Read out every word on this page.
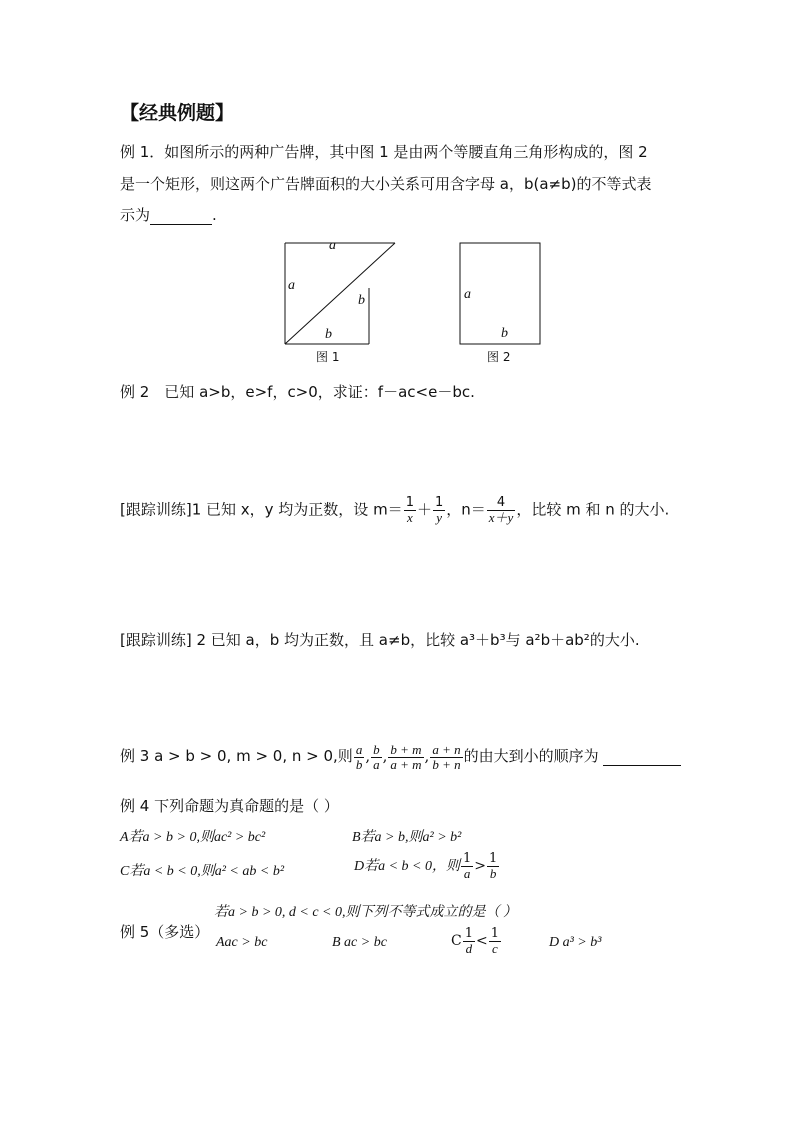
【经典例题】
例 1．如图所示的两种广告牌，其中图 1 是由两个等腰直角三角形构成的，图 2
是一个矩形，则这两个广告牌面积的大小关系可用含字母 a，b(a≠b)的不等式表
示为	.
a
a
b
b
图 1
a
b
图 2
例 2　已知 a>b，e>f，c>0，求证：f－ac<e－bc.
[跟踪训练]1 已知 x，y 均为正数，设 $m= \frac{1}{x} + \frac{1}{y}$ ，$n= \frac{4}{x+y}$ ，比较 m 和 n 的大小.
[跟踪训练] 2 已知 a，b 均为正数，且 a≠b，比较 a³＋b³与 a²b＋ab²的大小.
例 3 a > b > 0, m > 0, n > 0,则 $\frac{a}{b}$ , $\frac{b}{a}$ , $\frac{b + m}{a + m}$ , $\frac{a + n}{b + n}$ 的由大到小的顺序为
例 4 下列命题为真命题的是（ ）
A若a > b > 0,则ac² > bc²	B若a > b,则a² > b²
C若a < b < 0,则a² < ab < b²	D若a < b < 0，则 $\frac{1}{a} > \frac{1}{b}$
若a > b > 0, d < c < 0,则下列不等式成立的是（ ）
例 5（多选）
Aac > bc	B ac > bc	C $\frac{1}{d} < \frac{1}{c}$	D a³ > b³
